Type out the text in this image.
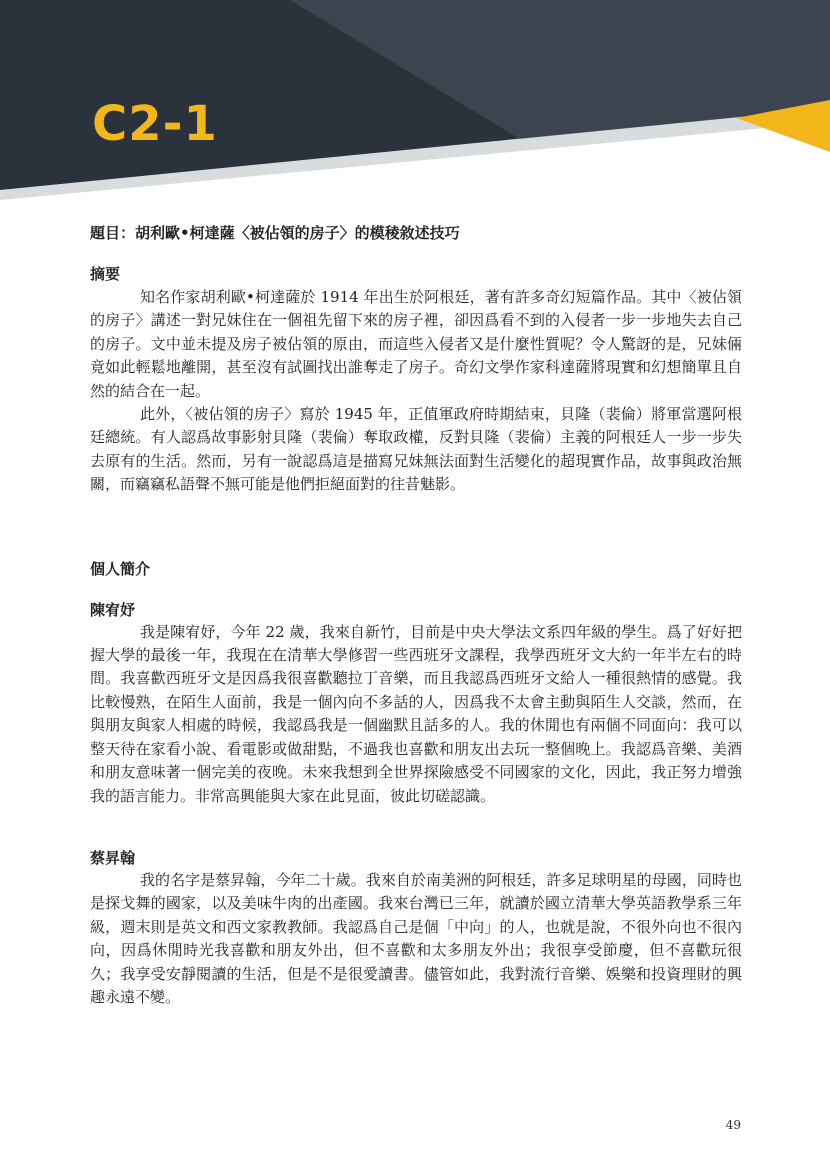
C2-1
題目：胡利歐•柯達薩〈被佔領的房子〉的模稜敘述技巧
摘要

知名作家胡利歐•柯達薩於 1914 年出生於阿根廷，著有許多奇幻短篇作品。其中〈被佔領的房子〉講述一對兄妹住在一個祖先留下來的房子裡，卻因爲看不到的入侵者一步一步地失去自己的房子。文中並未提及房子被佔領的原由，而這些入侵者又是什麼性質呢？令人驚訝的是，兄妹倆竟如此輕鬆地離開，甚至沒有試圖找出誰奪走了房子。奇幻文學作家科達薩將現實和幻想簡單且自然的結合在一起。

此外，〈被佔領的房子〉寫於 1945 年，正值軍政府時期結束，貝隆（裴倫）將軍當選阿根廷總統。有人認爲故事影射貝隆（裴倫）奪取政權，反對貝隆（裴倫）主義的阿根廷人一步一步失去原有的生活。然而，另有一說認爲這是描寫兄妹無法面對生活變化的超現實作品，故事與政治無關，而竊竊私語聲不無可能是他們拒絕面對的往昔魅影。

個人簡介
陳宥妤

我是陳宥妤，今年 22 歲，我來自新竹，目前是中央大學法文系四年級的學生。爲了好好把握大學的最後一年，我現在在清華大學修習一些西班牙文課程，我學西班牙文大約一年半左右的時間。我喜歡西班牙文是因爲我很喜歡聽拉丁音樂，而且我認爲西班牙文給人一種很熱情的感覺。我比較慢熟，在陌生人面前，我是一個內向不多話的人，因爲我不太會主動與陌生人交談，然而，在與朋友與家人相處的時候，我認爲我是一個幽默且話多的人。我的休閒也有兩個不同面向：我可以整天待在家看小說、看電影或做甜點，不過我也喜歡和朋友出去玩一整個晚上。我認爲音樂、美酒和朋友意味著一個完美的夜晚。未來我想到全世界探險感受不同國家的文化，因此，我正努力增強我的語言能力。非常高興能與大家在此見面，彼此切磋認識。

蔡昇翰

我的名字是蔡昇翰，今年二十歲。我來自於南美洲的阿根廷，許多足球明星的母國，同時也是探戈舞的國家，以及美味牛肉的出產國。我來台灣已三年，就讀於國立清華大學英語教學系三年級，週末則是英文和西文家教教師。我認爲自己是個「中向」的人，也就是說，不很外向也不很內向，因爲休閒時光我喜歡和朋友外出，但不喜歡和太多朋友外出；我很享受節慶，但不喜歡玩很久；我享受安靜閱讀的生活，但是不是很愛讀書。儘管如此，我對流行音樂、娛樂和投資理財的興趣永遠不變。

49
